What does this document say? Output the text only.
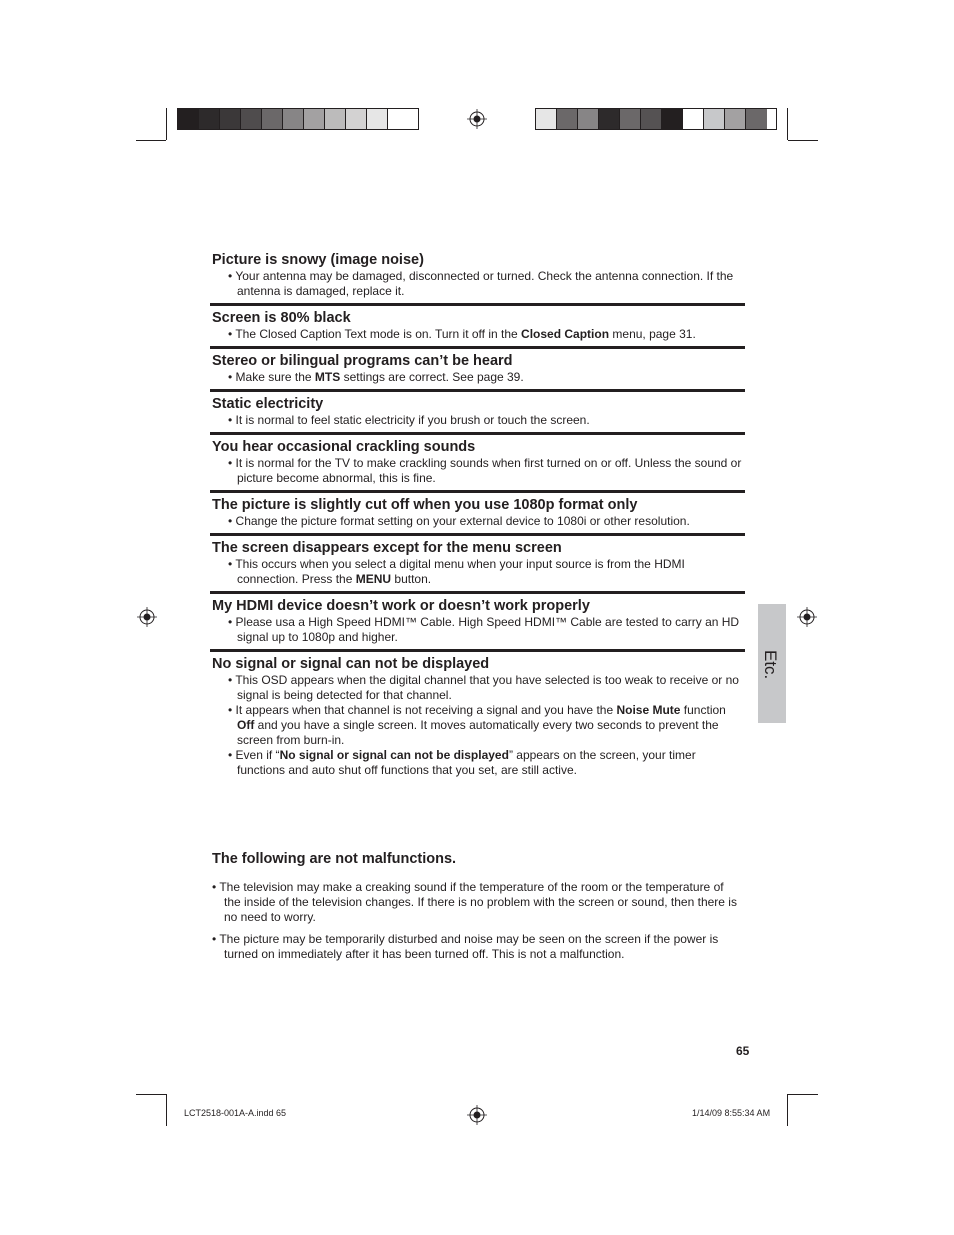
Picture is snowy (image noise)
• Your antenna may be damaged, disconnected or turned. Check the antenna connection. If the antenna is damaged, replace it.
Screen is 80% black
• The Closed Caption Text mode is on. Turn it off in the Closed Caption menu, page 31.
Stereo or bilingual programs can’t be heard
• Make sure the MTS settings are correct. See page 39.
Static electricity
• It is normal to feel static electricity if you brush or touch the screen.
You hear occasional crackling sounds
• It is normal for the TV to make crackling sounds when first turned on or off. Unless the sound or picture become abnormal, this is fine.
The picture is slightly cut off when you use 1080p format only
• Change the picture format setting on your external device to 1080i or other resolution.
The screen disappears except for the menu screen
• This occurs when you select a digital menu when your input source is from the HDMI connection. Press the MENU button.
My HDMI device doesn’t work or doesn’t work properly
• Please usa a High Speed HDMI™ Cable. High Speed HDMI™ Cable are tested to carry an HD signal up to 1080p and higher.
No signal or signal can not be displayed
• This OSD appears when the digital channel that you have selected is too weak to receive or no signal is being detected for that channel.
• It appears when that channel is not receiving a signal and you have the Noise Mute function Off and you have a single screen. It moves automatically every two seconds to prevent the screen from burn-in.
• Even if “No signal or signal can not be displayed” appears on the screen, your timer functions and auto shut off functions that you set, are still active.
The following are not malfunctions.
• The television may make a creaking sound if the temperature of the room or the temperature of the inside of the television changes. If there is no problem with the screen or sound, then there is no need to worry.
• The picture may be temporarily disturbed and noise may be seen on the screen if the power is turned on immediately after it has been turned off. This is not a malfunction.
Etc.
65
LCT2518-001A-A.indd 65	1/14/09 8:55:34 AM
